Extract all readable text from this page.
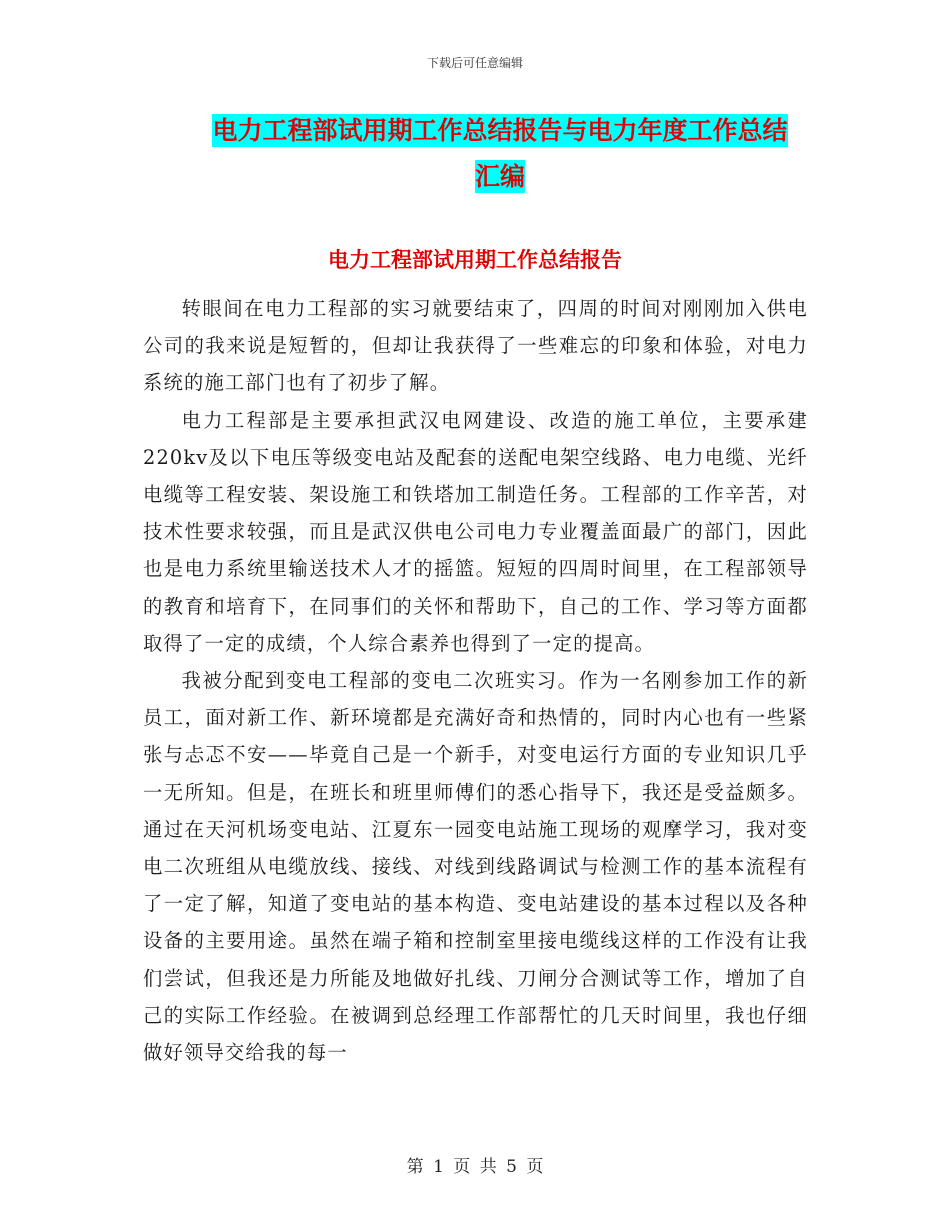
下载后可任意编辑
电力工程部试用期工作总结报告与电力年度工作总结
汇编
电力工程部试用期工作总结报告

转眼间在电力工程部的实习就要结束了，四周的时间对刚刚加入供电公司的我来说是短暂的，但却让我获得了一些难忘的印象和体验，对电力系统的施工部门也有了初步了解。

电力工程部是主要承担武汉电网建设、改造的施工单位，主要承建220kv及以下电压等级变电站及配套的送配电架空线路、电力电缆、光纤电缆等工程安装、架设施工和铁塔加工制造任务。工程部的工作辛苦，对技术性要求较强，而且是武汉供电公司电力专业覆盖面最广的部门，因此也是电力系统里输送技术人才的摇篮。短短的四周时间里，在工程部领导的教育和培育下，在同事们的关怀和帮助下，自己的工作、学习等方面都取得了一定的成绩，个人综合素养也得到了一定的提高。

我被分配到变电工程部的变电二次班实习。作为一名刚参加工作的新员工，面对新工作、新环境都是充满好奇和热情的，同时内心也有一些紧张与忐忑不安——毕竟自己是一个新手，对变电运行方面的专业知识几乎一无所知。但是，在班长和班里师傅们的悉心指导下，我还是受益颇多。通过在天河机场变电站、江夏东一园变电站施工现场的观摩学习，我对变电二次班组从电缆放线、接线、对线到线路调试与检测工作的基本流程有了一定了解，知道了变电站的基本构造、变电站建设的基本过程以及各种设备的主要用途。虽然在端子箱和控制室里接电缆线这样的工作没有让我们尝试，但我还是力所能及地做好扎线、刀闸分合测试等工作，增加了自己的实际工作经验。在被调到总经理工作部帮忙的几天时间里，我也仔细做好领导交给我的每一

第 1 页 共 5 页
